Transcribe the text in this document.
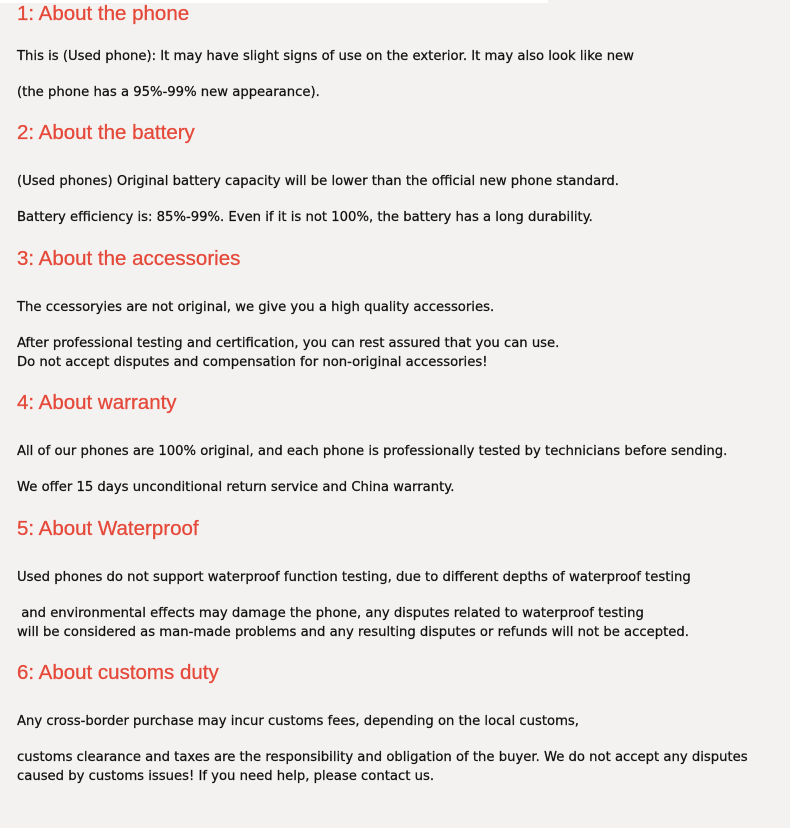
1: About the phone

This is (Used phone): It may have slight signs of use on the exterior. It may also look like new

(the phone has a 95%-99% new appearance).

2: About the battery

(Used phones) Original battery capacity will be lower than the official new phone standard.

Battery efficiency is: 85%-99%. Even if it is not 100%, the battery has a long durability.

3: About the accessories

The ccessoryies are not original, we give you a high quality accessories.

After professional testing and certification, you can rest assured that you can use.

Do not accept disputes and compensation for non-original accessories!

4: About warranty

All of our phones are 100% original, and each phone is professionally tested by technicians before sending.

We offer 15 days unconditional return service and China warranty.

5: About Waterproof

Used phones do not support waterproof function testing, due to different depths of waterproof testing

and environmental effects may damage the phone, any disputes related to waterproof testing

will be considered as man-made problems and any resulting disputes or refunds will not be accepted.

6: About customs duty

Any cross-border purchase may incur customs fees, depending on the local customs,

customs clearance and taxes are the responsibility and obligation of the buyer. We do not accept any disputes

caused by customs issues! If you need help, please contact us.
